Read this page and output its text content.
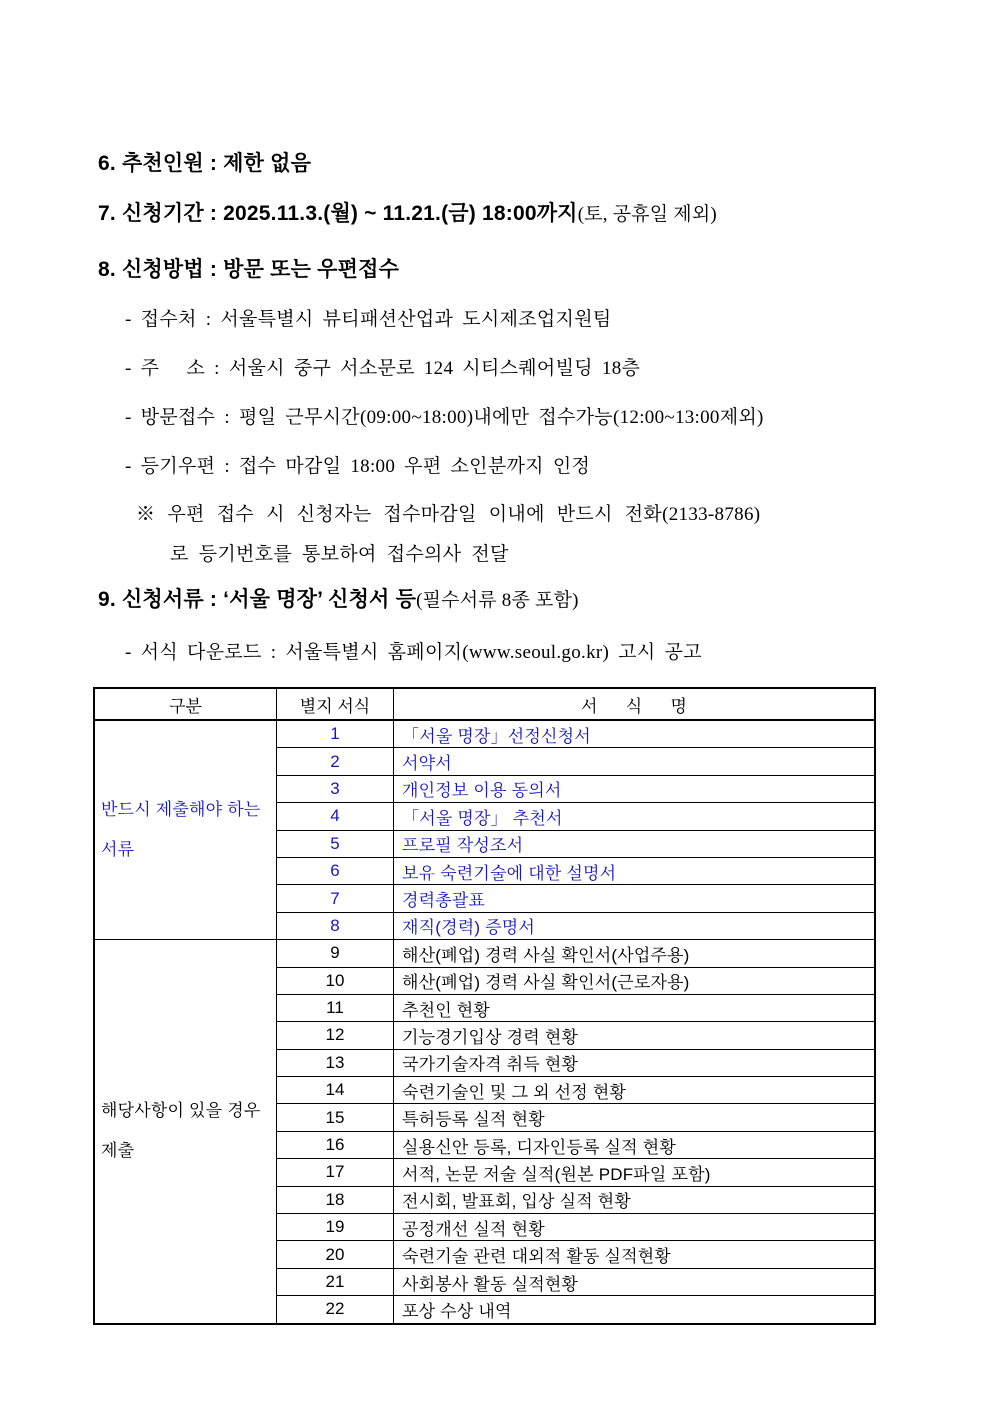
6. 추천인원 : 제한 없음
7. 신청기간 : 2025.11.3.(월) ~ 11.21.(금) 18:00까지(토, 공휴일 제외)
8. 신청방법 : 방문 또는 우편접수
- 접수처 : 서울특별시 뷰티패션산업과 도시제조업지원팀
- 주   소 : 서울시 중구 서소문로 124 시티스퀘어빌딩 18층
- 방문접수 : 평일 근무시간(09:00~18:00)내에만 접수가능(12:00~13:00제외)
- 등기우편 : 접수 마감일 18:00 우편 소인분까지 인정
※ 우편 접수 시 신청자는 접수마감일 이내에 반드시 전화(2133-8786)
로 등기번호를 통보하여 접수의사 전달
9. 신청서류 : ‘서울 명장’ 신청서 등(필수서류 8종 포함)
- 서식 다운로드 : 서울특별시 홈페이지(www.seoul.go.kr) 고시 공고
구분	별지 서식	서      식      명
반드시 제출해야 하는 서류
1	「서울 명장」선정신청서
2	서약서
3	개인정보 이용 동의서
4	「서울 명장」 추천서
5	프로필 작성조서
6	보유 숙련기술에 대한 설명서
7	경력총괄표
8	재직(경력) 증명서
해당사항이 있을 경우 제출
9	해산(폐업) 경력 사실 확인서(사업주용)
10	해산(폐업) 경력 사실 확인서(근로자용)
11	추천인 현황
12	기능경기입상 경력 현황
13	국가기술자격 취득 현황
14	숙련기술인 및 그 외 선정 현황
15	특허등록 실적 현황
16	실용신안 등록, 디자인등록 실적 현황
17	서적, 논문 저술 실적(원본 PDF파일 포함)
18	전시회, 발표회, 입상 실적 현황
19	공정개선 실적 현황
20	숙련기술 관련 대외적 활동 실적현황
21	사회봉사 활동 실적현황
22	포상 수상 내역
